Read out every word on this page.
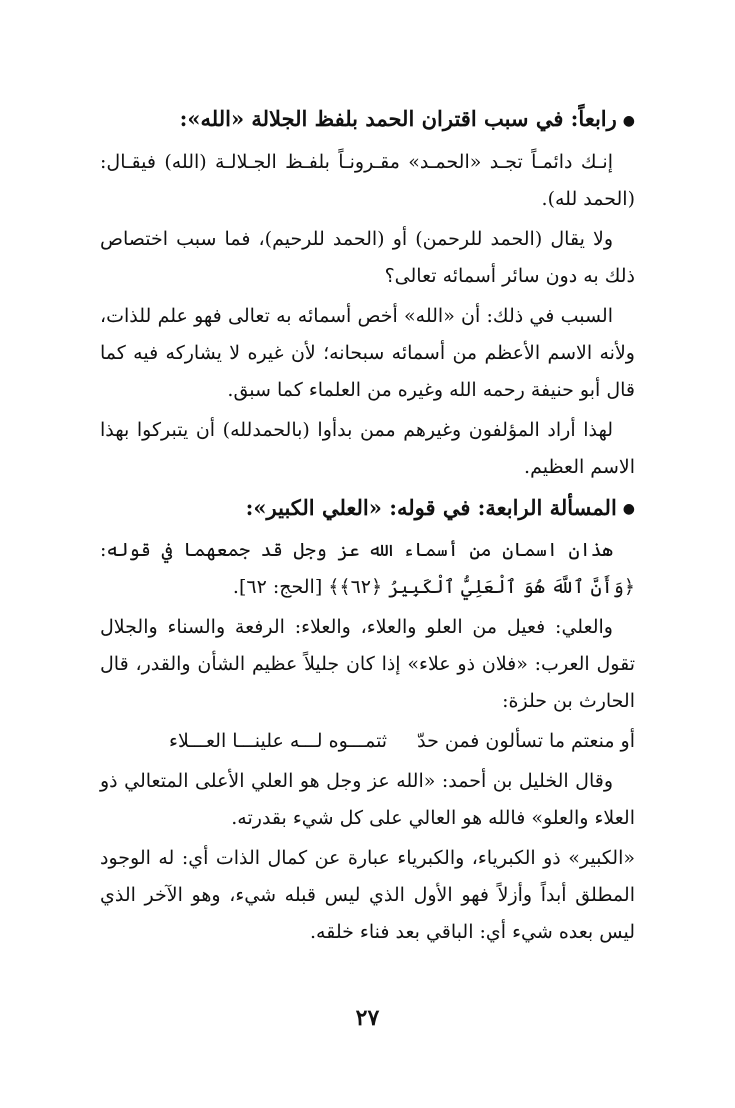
●رابعاً: في سبب اقتران الحمد بلفظ الجلالة «الله»:

إنـك دائمـاً تجـد «الحمـد» مقـرونـاً بلفـظ الجـلالـة (الله) فيقـال: (الحمد لله).

ولا يقال (الحمد للرحمن) أو (الحمد للرحيم)، فما سبب اختصاص ذلك به دون سائر أسمائه تعالى؟

السبب في ذلك: أن «الله» أخص أسمائه به تعالى فهو علم للذات، ولأنه الاسم الأعظم من أسمائه سبحانه؛ لأن غيره لا يشاركه فيه كما قال أبو حنيفة رحمه الله وغيره من العلماء كما سبق.

لهذا أراد المؤلفون وغيرهم ممن بدأوا (بالحمدلله) أن يتبركوا بهذا الاسم العظيم.

●المسألة الرابعة: في قوله: «العلي الكبير»:

هذان اسمان من أسماء الله عز وجل قد جمعهما في قوله: ﴿وَأَنَّ ٱللَّهَ هُوَ ٱلْعَلِيُّ ٱلْكَبِيرُ ﴿٦٢﴾﴾ [الحج: ٦٢].

والعلي: فعيل من العلو والعلاء، والعلاء: الرفعة والسناء والجلال تقول العرب: «فلان ذو علاء» إذا كان جليلاً عظيم الشأن والقدر، قال الحارث بن حلزة:

أو منعتم ما تسألون فمن حدّثتمـــوه لـــه علينـــا العـــلاء

وقال الخليل بن أحمد: «الله عز وجل هو العلي الأعلى المتعالي ذو العلاء والعلو» فالله هو العالي على كل شيء بقدرته.

«الكبير» ذو الكبرياء، والكبرياء عبارة عن كمال الذات أي: له الوجود المطلق أبداً وأزلاً فهو الأول الذي ليس قبله شيء، وهو الآخر الذي ليس بعده شيء أي: الباقي بعد فناء خلقه.

٢٧
